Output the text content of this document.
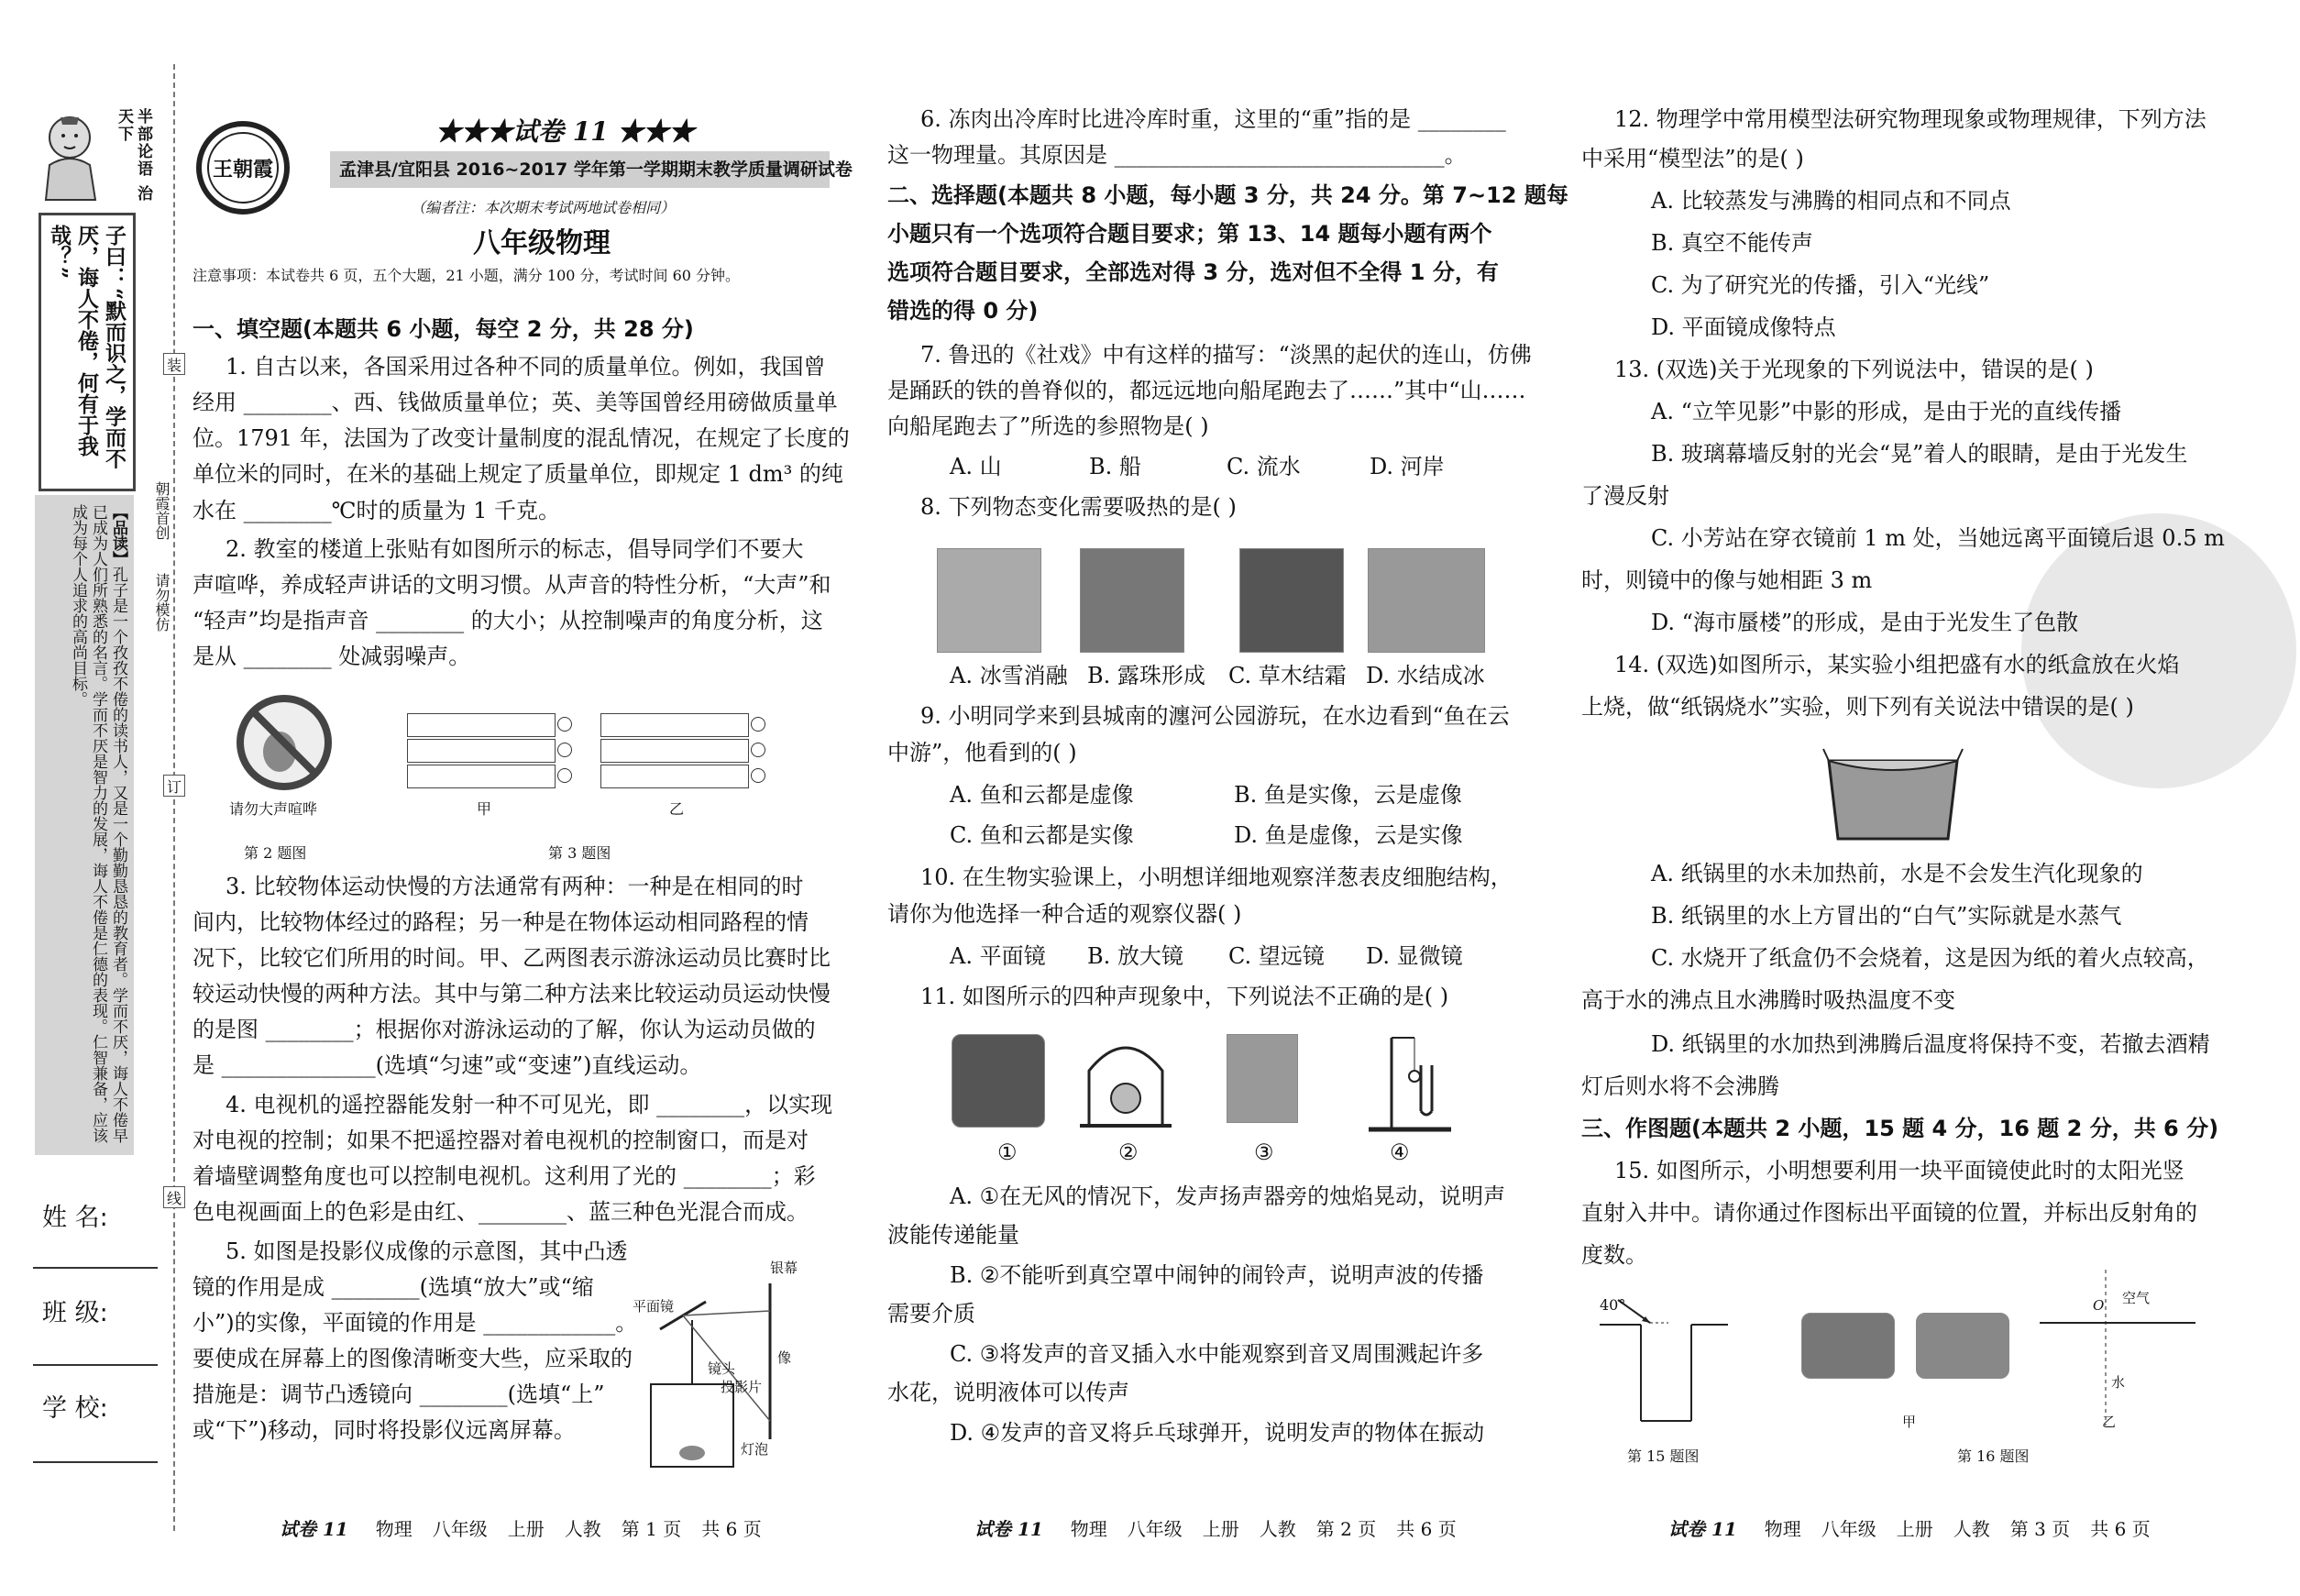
半部论语 治天下
子曰：“默而识之，学而不厌，诲人不倦，何有于我哉？”
【品读】孔子是一个孜孜不倦的读书人，又是一个勤勤恳恳的教育者。学而不厌，诲人不倦早已成为人们所熟悉的名言。学而不厌是智力的发展，诲人不倦是仁德的表现。仁智兼备，应该成为每个人追求的高尚目标。
姓 名:
班 级:
学 校:
装
订
线
朝霞首创
请勿模仿
王朝霞
★★★试卷 11 ★★★
孟津县/宜阳县 2016~2017 学年第一学期期末教学质量调研试卷
（编者注：本次期末考试两地试卷相同）
八年级物理
注意事项：本试卷共 6 页，五个大题，21 小题，满分 100 分，考试时间 60 分钟。
一、填空题(本题共 6 小题，每空 2 分，共 28 分)
1. 自古以来，各国采用过各种不同的质量单位。例如，我国曾
经用 ________、西、钱做质量单位；英、美等国曾经用磅做质量单
位。1791 年，法国为了改变计量制度的混乱情况，在规定了长度的
单位米的同时，在米的基础上规定了质量单位，即规定 1 dm³ 的纯
水在 ________℃时的质量为 1 千克。
2. 教室的楼道上张贴有如图所示的标志，倡导同学们不要大
声喧哗，养成轻声讲话的文明习惯。从声音的特性分析，“大声”和
“轻声”均是指声音 ________ 的大小；从控制噪声的角度分析，这
是从 ________ 处减弱噪声。
请勿大声喧哗	甲	乙
第 2 题图	第 3 题图
3. 比较物体运动快慢的方法通常有两种：一种是在相同的时
间内，比较物体经过的路程；另一种是在物体运动相同路程的情
况下，比较它们所用的时间。甲、乙两图表示游泳运动员比赛时比
较运动快慢的两种方法。其中与第二种方法来比较运动员运动快慢
的是图 ________；根据你对游泳运动的了解，你认为运动员做的
是 ______________(选填“匀速”或“变速”)直线运动。
4. 电视机的遥控器能发射一种不可见光，即 ________，以实现
对电视的控制；如果不把遥控器对着电视机的控制窗口，而是对
着墙壁调整角度也可以控制电视机。这利用了光的 ________；彩
色电视画面上的色彩是由红、________、蓝三种色光混合而成。
5. 如图是投影仪成像的示意图，其中凸透
镜的作用是成 ________(选填“放大”或“缩
小”)的实像，平面镜的作用是 ____________。
要使成在屏幕上的图像清晰变大些，应采取的
措施是：调节凸透镜向 ________(选填“上”
或“下”)移动，同时将投影仪远离屏幕。
平面镜
银幕
像
镜头
投影片
灯泡
试卷 11 物理 八年级 上册 人教 第 1 页 共 6 页
6. 冻肉出冷库时比进冷库时重，这里的“重”指的是 ________
这一物理量。其原因是 ______________________________。
二、选择题(本题共 8 小题，每小题 3 分，共 24 分。第 7~12 题每
小题只有一个选项符合题目要求；第 13、14 题每小题有两个
选项符合题目要求，全部选对得 3 分，选对但不全得 1 分，有
错选的得 0 分)
7. 鲁迅的《社戏》中有这样的描写：“淡黑的起伏的连山，仿佛
是踊跃的铁的兽脊似的，都远远地向船尾跑去了……”其中“山……
向船尾跑去了”所选的参照物是( )
A. 山	B. 船	C. 流水	D. 河岸
8. 下列物态变化需要吸热的是( )
A. 冰雪消融 B. 露珠形成 C. 草木结霜 D. 水结成冰
9. 小明同学来到县城南的瀍河公园游玩，在水边看到“鱼在云
中游”，他看到的( )
A. 鱼和云都是虚像	B. 鱼是实像，云是虚像
C. 鱼和云都是实像	D. 鱼是虚像，云是实像
10. 在生物实验课上，小明想详细地观察洋葱表皮细胞结构，
请你为他选择一种合适的观察仪器( )
A. 平面镜 B. 放大镜 C. 望远镜 D. 显微镜
11. 如图所示的四种声现象中，下列说法不正确的是( )
①	②	③	④
A. ①在无风的情况下，发声扬声器旁的烛焰晃动，说明声
波能传递能量
B. ②不能听到真空罩中闹钟的闹铃声，说明声波的传播
需要介质
C. ③将发声的音叉插入水中能观察到音叉周围溅起许多
水花，说明液体可以传声
D. ④发声的音叉将乒乓球弹开，说明发声的物体在振动
试卷 11 物理 八年级 上册 人教 第 2 页 共 6 页
12. 物理学中常用模型法研究物理现象或物理规律，下列方法
中采用“模型法”的是( )
A. 比较蒸发与沸腾的相同点和不同点
B. 真空不能传声
C. 为了研究光的传播，引入“光线”
D. 平面镜成像特点
13. (双选)关于光现象的下列说法中，错误的是( )
A. “立竿见影”中影的形成，是由于光的直线传播
B. 玻璃幕墙反射的光会“晃”着人的眼睛，是由于光发生
了漫反射
C. 小芳站在穿衣镜前 1 m 处，当她远离平面镜后退 0.5 m
时，则镜中的像与她相距 3 m
D. “海市蜃楼”的形成，是由于光发生了色散
14. (双选)如图所示，某实验小组把盛有水的纸盒放在火焰
上烧，做“纸锅烧水”实验，则下列有关说法中错误的是( )
A. 纸锅里的水未加热前，水是不会发生汽化现象的
B. 纸锅里的水上方冒出的“白气”实际就是水蒸气
C. 水烧开了纸盒仍不会烧着，这是因为纸的着火点较高，
高于水的沸点且水沸腾时吸热温度不变
D. 纸锅里的水加热到沸腾后温度将保持不变，若撤去酒精
灯后则水将不会沸腾
三、作图题(本题共 2 小题，15 题 4 分，16 题 2 分，共 6 分)
15. 如图所示，小明想要利用一块平面镜使此时的太阳光竖
直射入井中。请你通过作图标出平面镜的位置，并标出反射角的
度数。
40°
甲
空气
O
水
乙
第 15 题图	第 16 题图
试卷 11 物理 八年级 上册 人教 第 3 页 共 6 页
